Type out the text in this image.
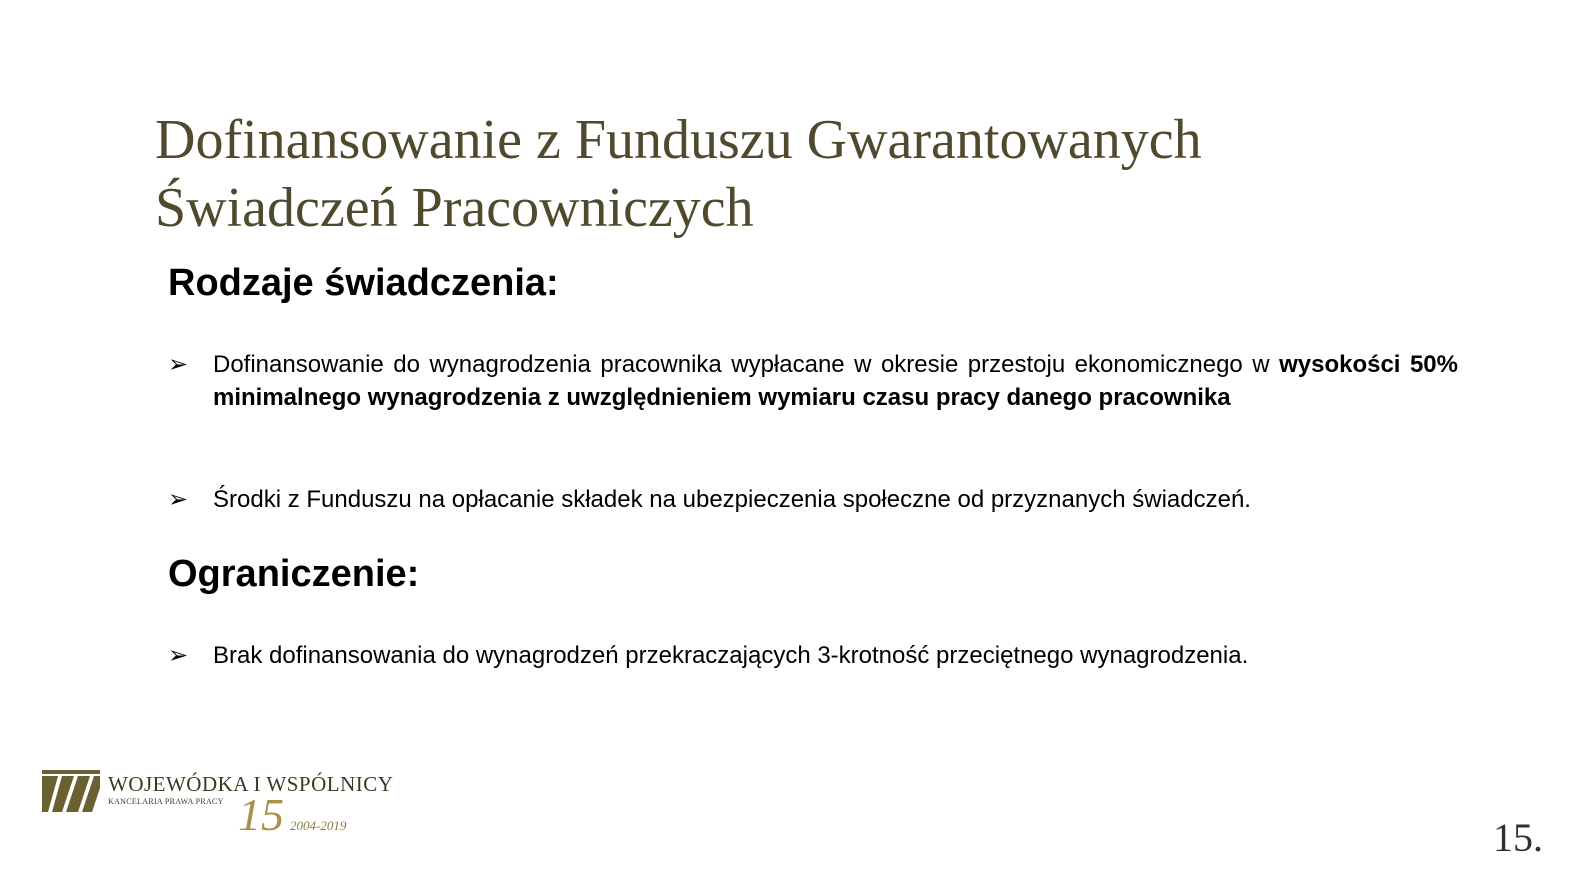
Dofinansowanie z Funduszu Gwarantowanych
Świadczeń Pracowniczych
Rodzaje świadczenia:
➢	Dofinansowanie do wynagrodzenia pracownika wypłacane w okresie przestoju ekonomicznego w wysokości 50% minimalnego wynagrodzenia z uwzględnieniem wymiaru czasu pracy danego pracownika
➢	Środki z Funduszu na opłacanie składek na ubezpieczenia społeczne od przyznanych świadczeń.
Ograniczenie:
➢	Brak dofinansowania do wynagrodzeń przekraczających 3-krotność przeciętnego wynagrodzenia.
WOJEWÓDKA I WSPÓLNICY
KANCELARIA PRAWA PRACY 15 2004-2019	15.
